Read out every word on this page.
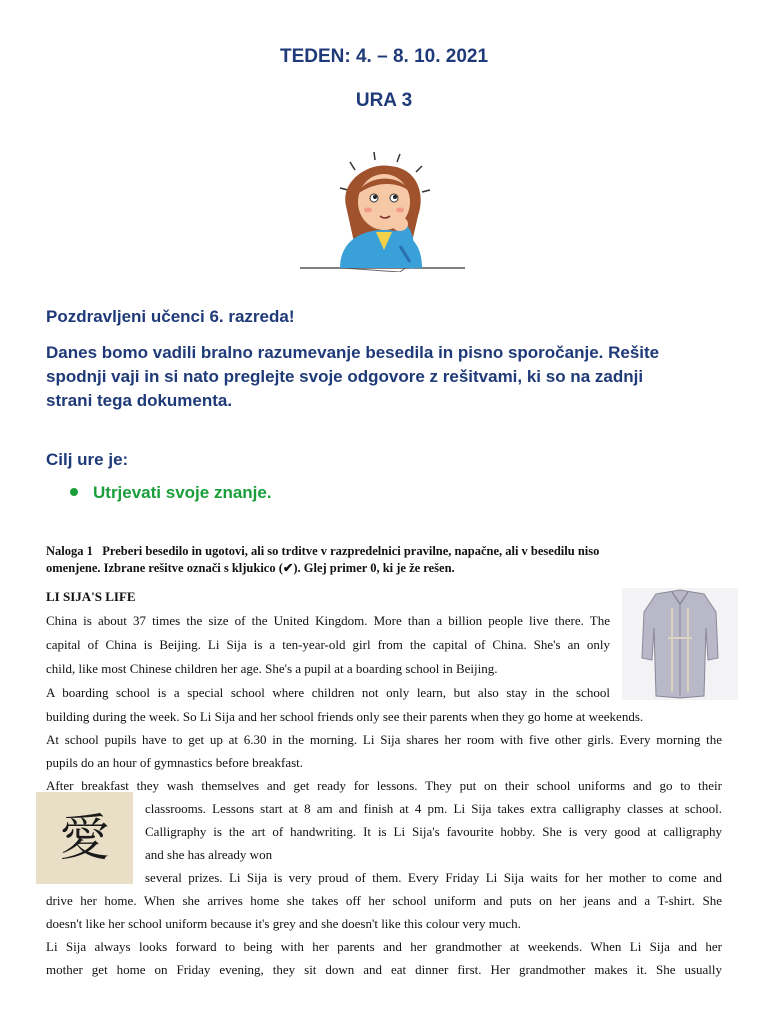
TEDEN: 4. – 8. 10. 2021
URA 3
Pozdravljeni učenci 6. razreda!
Danes bomo vadili bralno razumevanje besedila in pisno sporočanje. Rešite
spodnji vaji in si nato preglejte svoje odgovore z rešitvami, ki so na zadnji
strani tega dokumenta.
Cilj ure je:
Utrjevati svoje znanje.
Naloga 1 Preberi besedilo in ugotovi, ali so trditve v razpredelnici pravilne, napačne, ali v besedilu niso
omenjene. Izbrane rešitve označi s kljukico (✔). Glej primer 0, ki je že rešen.
LI SIJA'S LIFE
愛
China is about 37 times the size of the United Kingdom. More than a billion people live there. The
capital of China is Beijing. Li Sija is a ten-year-old girl from the capital of China. She's an only
child, like most Chinese children her age. She's a pupil at a boarding school in Beijing.
A boarding school is a special school where children not only learn, but also stay in the school
building during the week. So Li Sija and her school friends only see their parents when they go home at weekends.
At school pupils have to get up at 6.30 in the morning. Li Sija shares her room with five other girls. Every morning the
pupils do an hour of gymnastics before breakfast.
After breakfast they wash themselves and get ready for lessons. They put on their school uniforms and go to their
classrooms. Lessons start at 8 am and finish at 4 pm. Li Sija takes extra calligraphy classes at school.
Calligraphy is the art of handwriting. It is Li Sija's favourite hobby. She is very good at calligraphy
and she has already won
several prizes. Li Sija is very proud of them. Every Friday Li Sija waits for her mother to come and
drive her home. When she arrives home she takes off her school uniform and puts on her jeans and a T-shirt. She
doesn't like her school uniform because it's grey and she doesn't like this colour very much.
Li Sija always looks forward to being with her parents and her grandmother at weekends. When Li Sija and her
mother get home on Friday evening, they sit down and eat dinner first. Her grandmother makes it. She usually
